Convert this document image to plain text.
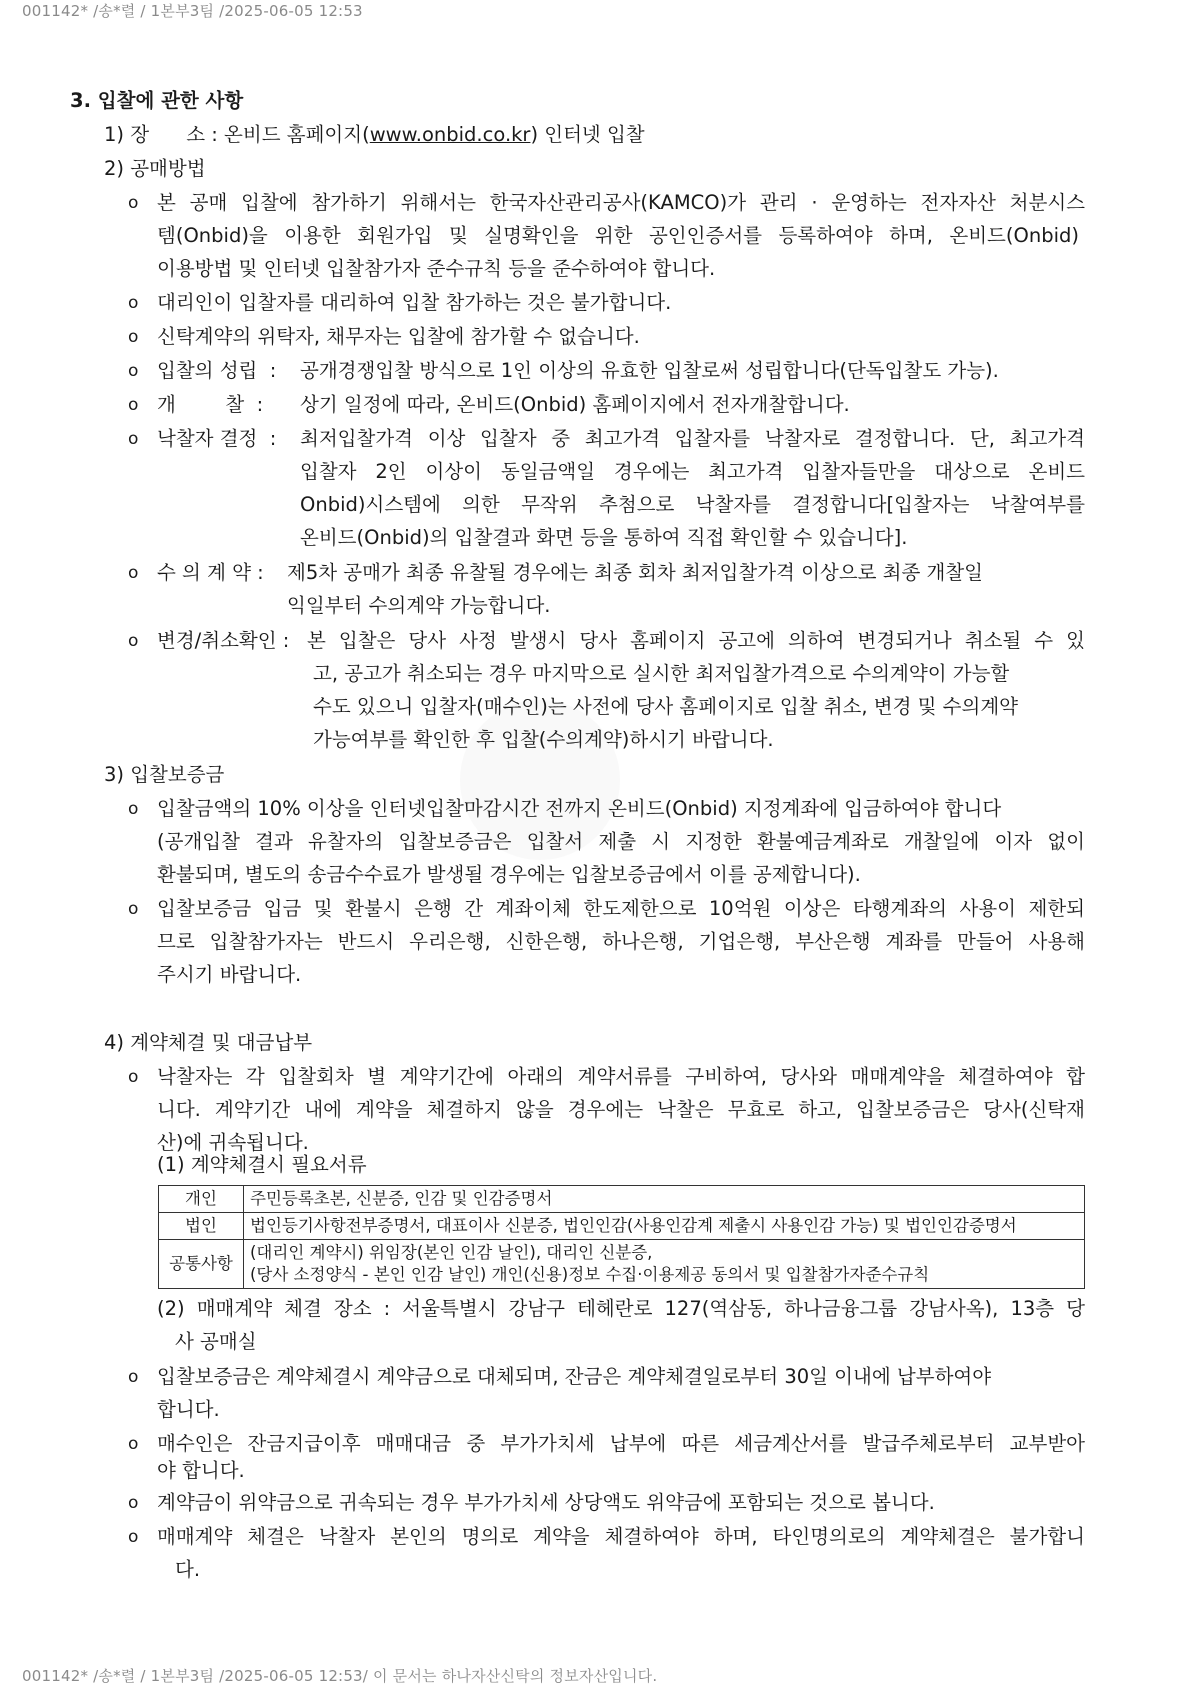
001142* /송*렬 / 1본부3팀 /2025-06-05 12:53
3. 입찰에 관한 사항
1) 장      소 : 온비드 홈페이지(www.onbid.co.kr) 인터넷 입찰
2) 공매방법
o 본 공매 입찰에 참가하기 위해서는 한국자산관리공사(KAMCO)가 관리 · 운영하는 전자자산 처분시스
템(Onbid)을 이용한 회원가입 및 실명확인을 위한 공인인증서를 등록하여야 하며, 온비드(Onbid)
이용방법 및 인터넷 입찰참가자 준수규칙 등을 준수하여야 합니다.
o 대리인이 입찰자를 대리하여 입찰 참가하는 것은 불가합니다.
o 신탁계약의 위탁자, 채무자는 입찰에 참가할 수 없습니다.
o 입찰의 성립  : 공개경쟁입찰 방식으로 1인 이상의 유효한 입찰로써 성립합니다(단독입찰도 가능).
o 개        찰  : 상기 일정에 따라, 온비드(Onbid) 홈페이지에서 전자개찰합니다.
o 낙찰자 결정  : 최저입찰가격 이상 입찰자 중 최고가격 입찰자를 낙찰자로 결정합니다. 단, 최고가격
입찰자 2인 이상이 동일금액일 경우에는 최고가격 입찰자들만을 대상으로 온비드
Onbid)시스템에 의한 무작위 추첨으로 낙찰자를 결정합니다[입찰자는 낙찰여부를
온비드(Onbid)의 입찰결과 화면 등을 통하여 직접 확인할 수 있습니다].
o 수 의 계 약 : 제5차 공매가 최종 유찰될 경우에는 최종 회차 최저입찰가격 이상으로 최종 개찰일
익일부터 수의계약 가능합니다.
o 변경/취소확인 : 본 입찰은 당사 사정 발생시 당사 홈페이지 공고에 의하여 변경되거나 취소될 수 있
고, 공고가 취소되는 경우 마지막으로 실시한 최저입찰가격으로 수의계약이 가능할
수도 있으니 입찰자(매수인)는 사전에 당사 홈페이지로 입찰 취소, 변경 및 수의계약
가능여부를 확인한 후 입찰(수의계약)하시기 바랍니다.
3) 입찰보증금
o 입찰금액의 10% 이상을 인터넷입찰마감시간 전까지 온비드(Onbid) 지정계좌에 입금하여야 합니다
(공개입찰 결과 유찰자의 입찰보증금은 입찰서 제출 시 지정한 환불예금계좌로 개찰일에 이자 없이
환불되며, 별도의 송금수수료가 발생될 경우에는 입찰보증금에서 이를 공제합니다).
o 입찰보증금 입금 및 환불시 은행 간 계좌이체 한도제한으로 10억원 이상은 타행계좌의 사용이 제한되
므로 입찰참가자는 반드시 우리은행, 신한은행, 하나은행, 기업은행, 부산은행 계좌를 만들어 사용해
주시기 바랍니다.
4) 계약체결 및 대금납부
o 낙찰자는 각 입찰회차 별 계약기간에 아래의 계약서류를 구비하여, 당사와 매매계약을 체결하여야 합
니다. 계약기간 내에 계약을 체결하지 않을 경우에는 낙찰은 무효로 하고, 입찰보증금은 당사(신탁재
산)에 귀속됩니다.
(1) 계약체결시 필요서류
개인	주민등록초본, 신분증, 인감 및 인감증명서
법인	법인등기사항전부증명서, 대표이사 신분증, 법인인감(사용인감계 제출시 사용인감 가능) 및 법인인감증명서
공통사항	(대리인 계약시) 위임장(본인 인감 날인), 대리인 신분증,
(당사 소정양식 - 본인 인감 날인) 개인(신용)정보 수집·이용제공 동의서 및 입찰참가자준수규칙
(2) 매매계약 체결 장소 : 서울특별시 강남구 테헤란로 127(역삼동, 하나금융그룹 강남사옥), 13층 당
사 공매실
o 입찰보증금은 계약체결시 계약금으로 대체되며, 잔금은 계약체결일로부터 30일 이내에 납부하여야
합니다.
o 매수인은 잔금지급이후 매매대금 중 부가가치세 납부에 따른 세금계산서를 발급주체로부터 교부받아
야 합니다.
o 계약금이 위약금으로 귀속되는 경우 부가가치세 상당액도 위약금에 포함되는 것으로 봅니다.
o 매매계약 체결은 낙찰자 본인의 명의로 계약을 체결하여야 하며, 타인명의로의 계약체결은 불가합니
다.
001142* /송*렬 / 1본부3팀 /2025-06-05 12:53/ 이 문서는 하나자산신탁의 정보자산입니다.
